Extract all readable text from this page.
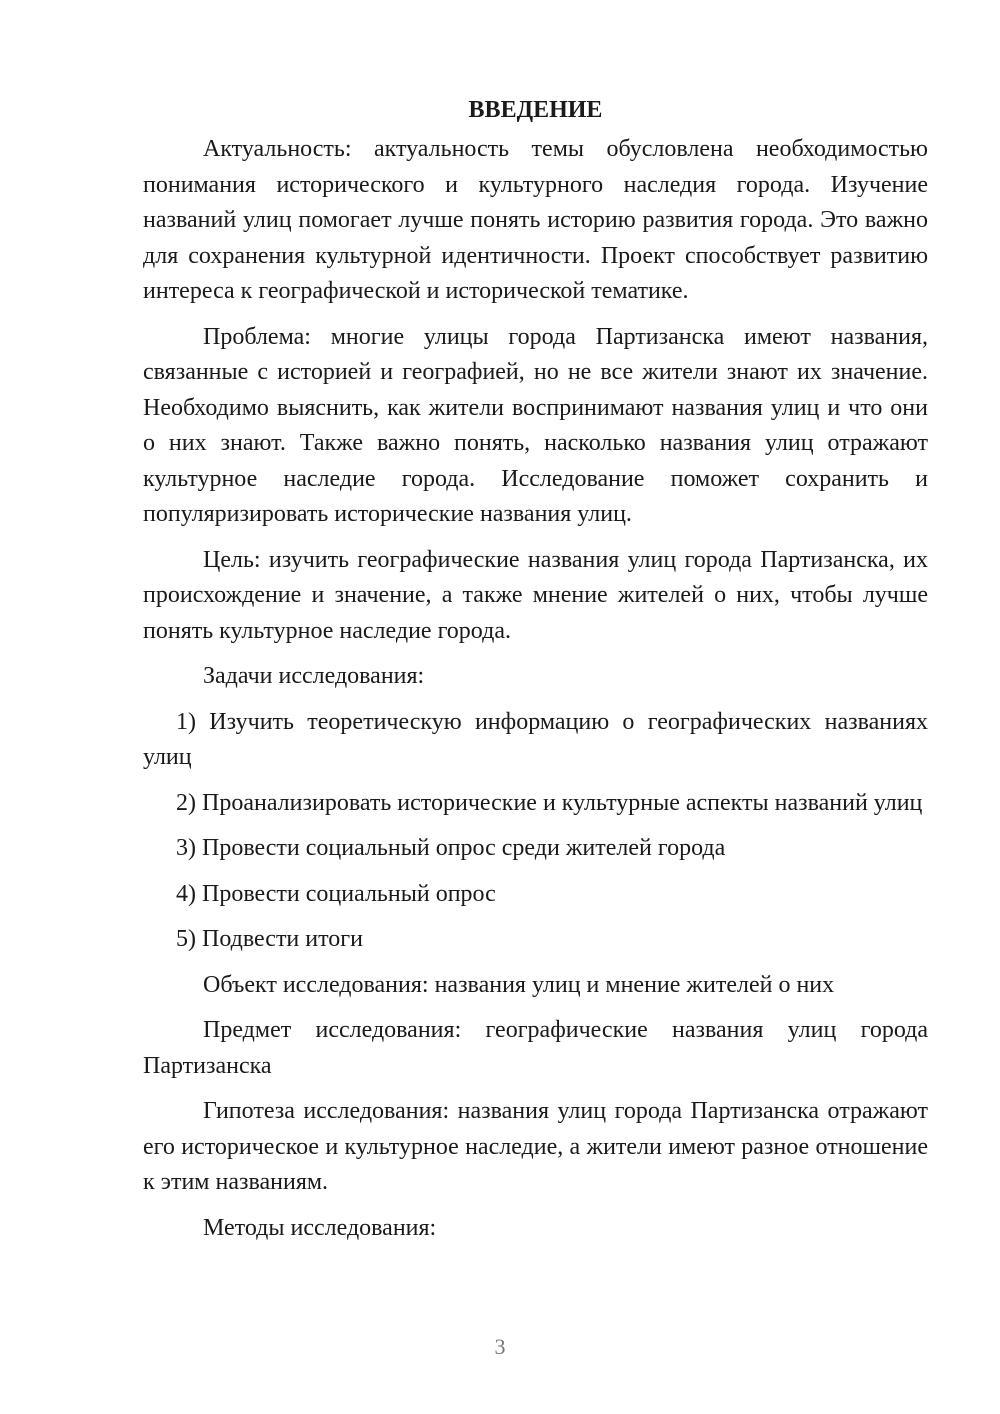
ВВЕДЕНИЕ

Актуальность: актуальность темы обусловлена необходимостью понимания исторического и культурного наследия города. Изучение названий улиц помогает лучше понять историю развития города. Это важно для сохранения культурной идентичности. Проект способствует развитию интереса к географической и исторической тематике.

Проблема: многие улицы города Партизанска имеют названия, связанные с историей и географией, но не все жители знают их значение. Необходимо выяснить, как жители воспринимают названия улиц и что они о них знают. Также важно понять, насколько названия улиц отражают культурное наследие города. Исследование поможет сохранить и популяризировать исторические названия улиц.

Цель: изучить географические названия улиц города Партизанска, их происхождение и значение, а также мнение жителей о них, чтобы лучше понять культурное наследие города.

Задачи исследования:

1) Изучить теоретическую информацию о географических названиях улиц

2) Проанализировать исторические и культурные аспекты названий улиц

3) Провести социальный опрос среди жителей города

4) Провести социальный опрос

5) Подвести итоги

Объект исследования: названия улиц и мнение жителей о них

Предмет исследования: географические названия улиц города Партизанска

Гипотеза исследования: названия улиц города Партизанска отражают его историческое и культурное наследие, а жители имеют разное отношение к этим названиям.

Методы исследования:

3
